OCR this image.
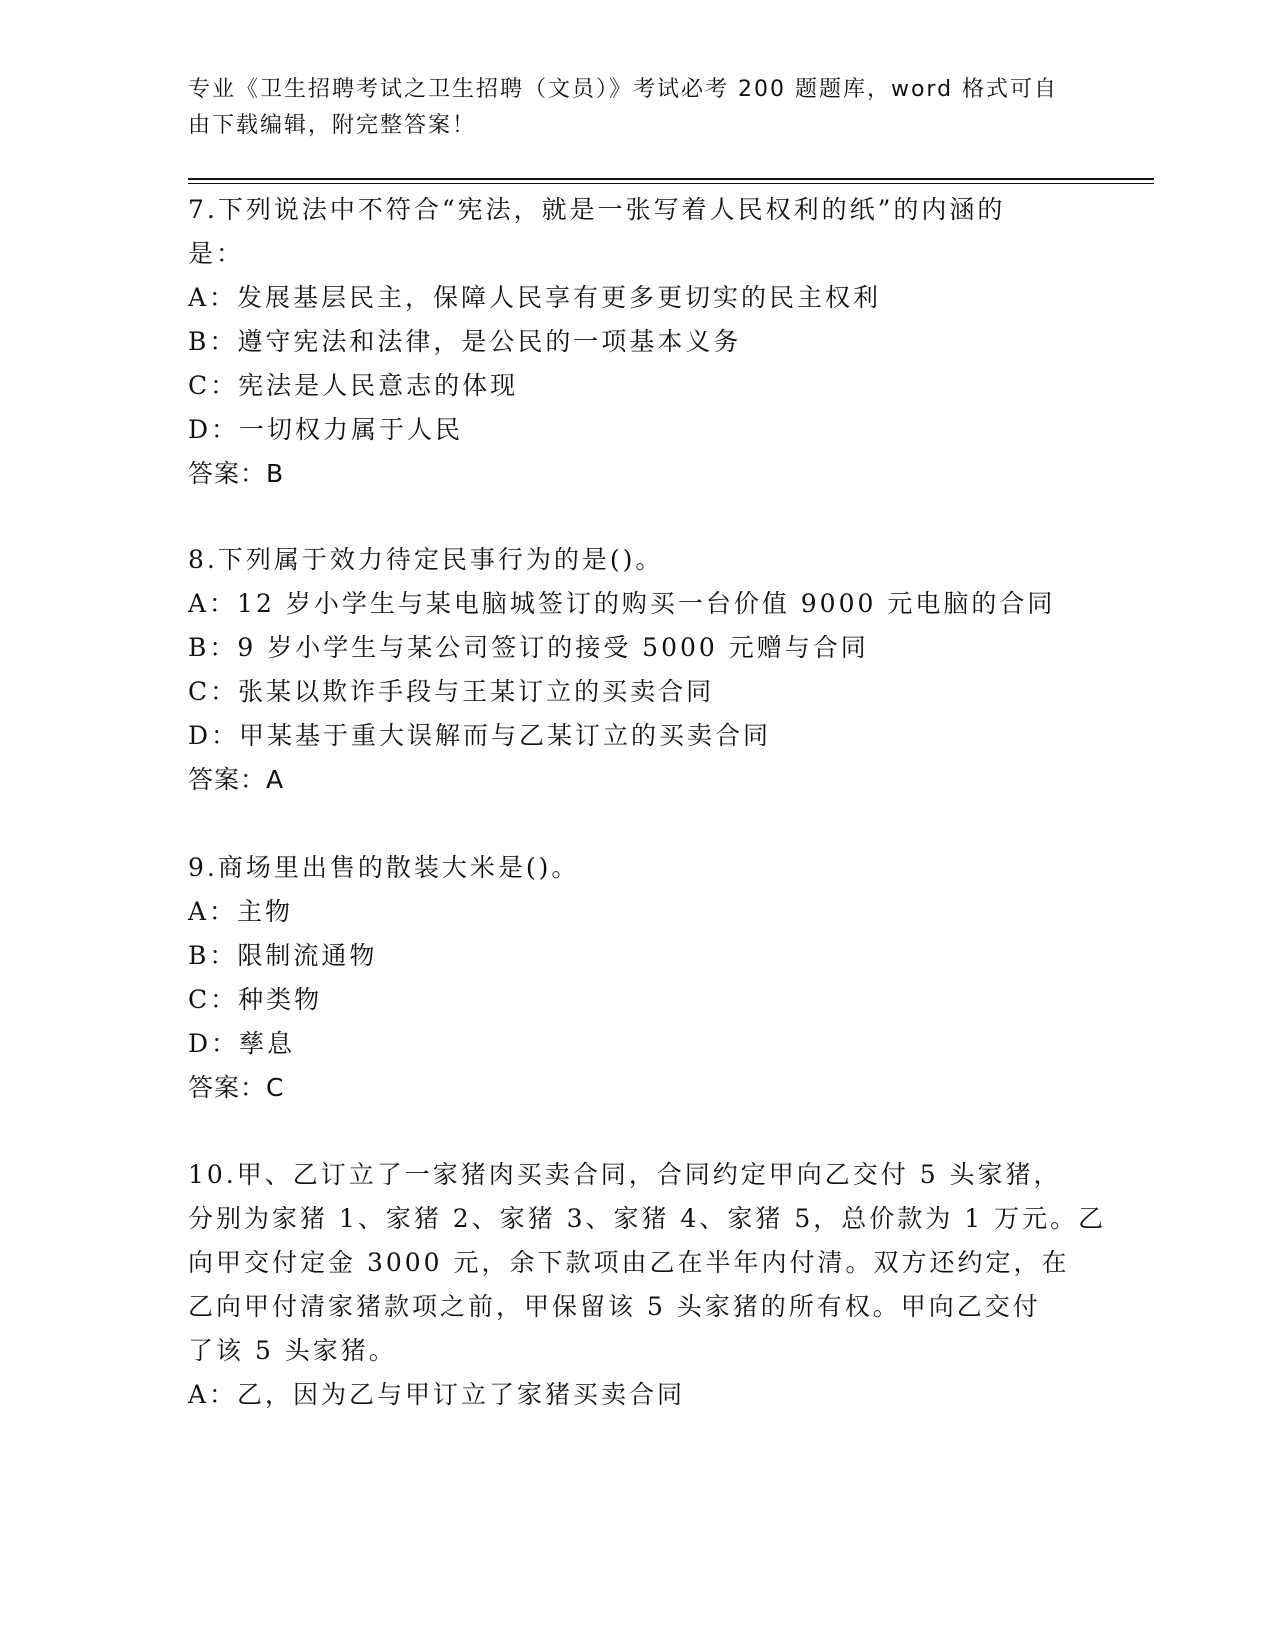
专业《卫生招聘考试之卫生招聘（文员）》考试必考 200 题题库，word 格式可自
由下载编辑，附完整答案！
7.下列说法中不符合“宪法，就是一张写着人民权利的纸”的内涵的
是：
A：发展基层民主，保障人民享有更多更切实的民主权利
B：遵守宪法和法律，是公民的一项基本义务
C：宪法是人民意志的体现
D：一切权力属于人民
答案：B
8.下列属于效力待定民事行为的是()。
A：12 岁小学生与某电脑城签订的购买一台价值 9000 元电脑的合同
B：9 岁小学生与某公司签订的接受 5000 元赠与合同
C：张某以欺诈手段与王某订立的买卖合同
D：甲某基于重大误解而与乙某订立的买卖合同
答案：A
9.商场里出售的散装大米是()。
A：主物
B：限制流通物
C：种类物
D：孳息
答案：C
10.甲、乙订立了一家猪肉买卖合同，合同约定甲向乙交付 5 头家猪，
分别为家猪 1、家猪 2、家猪 3、家猪 4、家猪 5，总价款为 1 万元。乙
向甲交付定金 3000 元，余下款项由乙在半年内付清。双方还约定，在
乙向甲付清家猪款项之前，甲保留该 5 头家猪的所有权。甲向乙交付
了该 5 头家猪。
A：乙，因为乙与甲订立了家猪买卖合同
